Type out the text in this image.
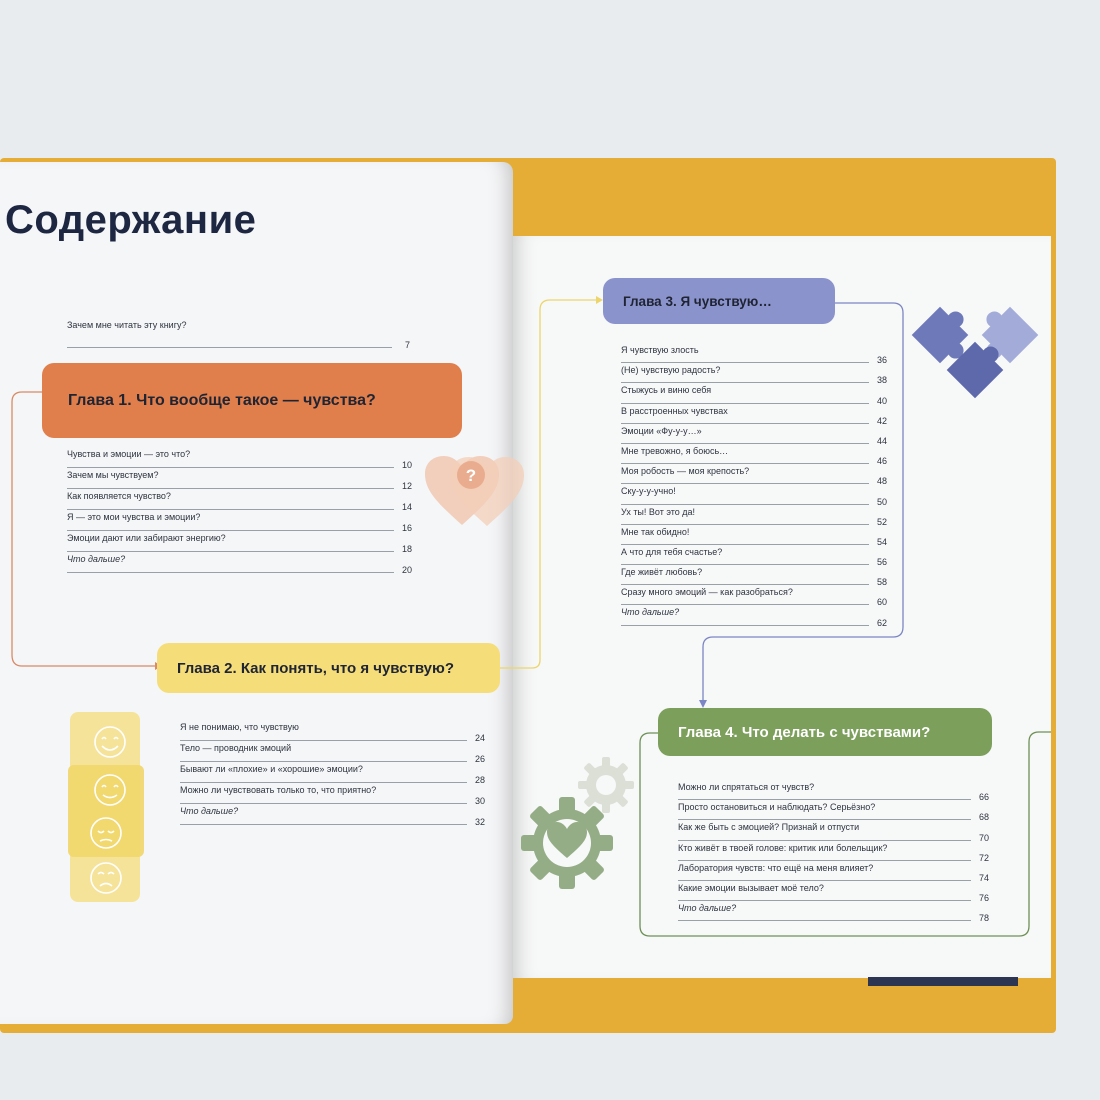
?
Содержание
Зачем мне читать эту книгу?
7
Глава 1. Что вообще такое — чувства?
Глава 2. Как понять, что я чувствую?
Глава 3. Я чувствую…
Глава 4. Что делать с чувствами?
Чувства и эмоции — это что?
10
Зачем мы чувствуем?
12
Как появляется чувство?
14
Я — это мои чувства и эмоции?
16
Эмоции дают или забирают энергию?
18
Что дальше?
20
Я не понимаю, что чувствую
24
Тело — проводник эмоций
26
Бывают ли «плохие» и «хорошие» эмоции?
28
Можно ли чувствовать только то, что приятно?
30
Что дальше?
32
Я чувствую злость
36
(Не) чувствую радость?
38
Стыжусь и виню себя
40
В расстроенных чувствах
42
Эмоции «Фу-у-у…»
44
Мне тревожно, я боюсь…
46
Моя робость — моя крепость?
48
Ску-у-у-учно!
50
Ух ты! Вот это да!
52
Мне так обидно!
54
А что для тебя счастье?
56
Где живёт любовь?
58
Сразу много эмоций — как разобраться?
60
Что дальше?
62
Можно ли спрятаться от чувств?
66
Просто остановиться и наблюдать? Серьёзно?
68
Как же быть с эмоцией? Признай и отпусти
70
Кто живёт в твоей голове: критик или болельщик?
72
Лаборатория чувств: что ещё на меня влияет?
74
Какие эмоции вызывает моё тело?
76
Что дальше?
78
